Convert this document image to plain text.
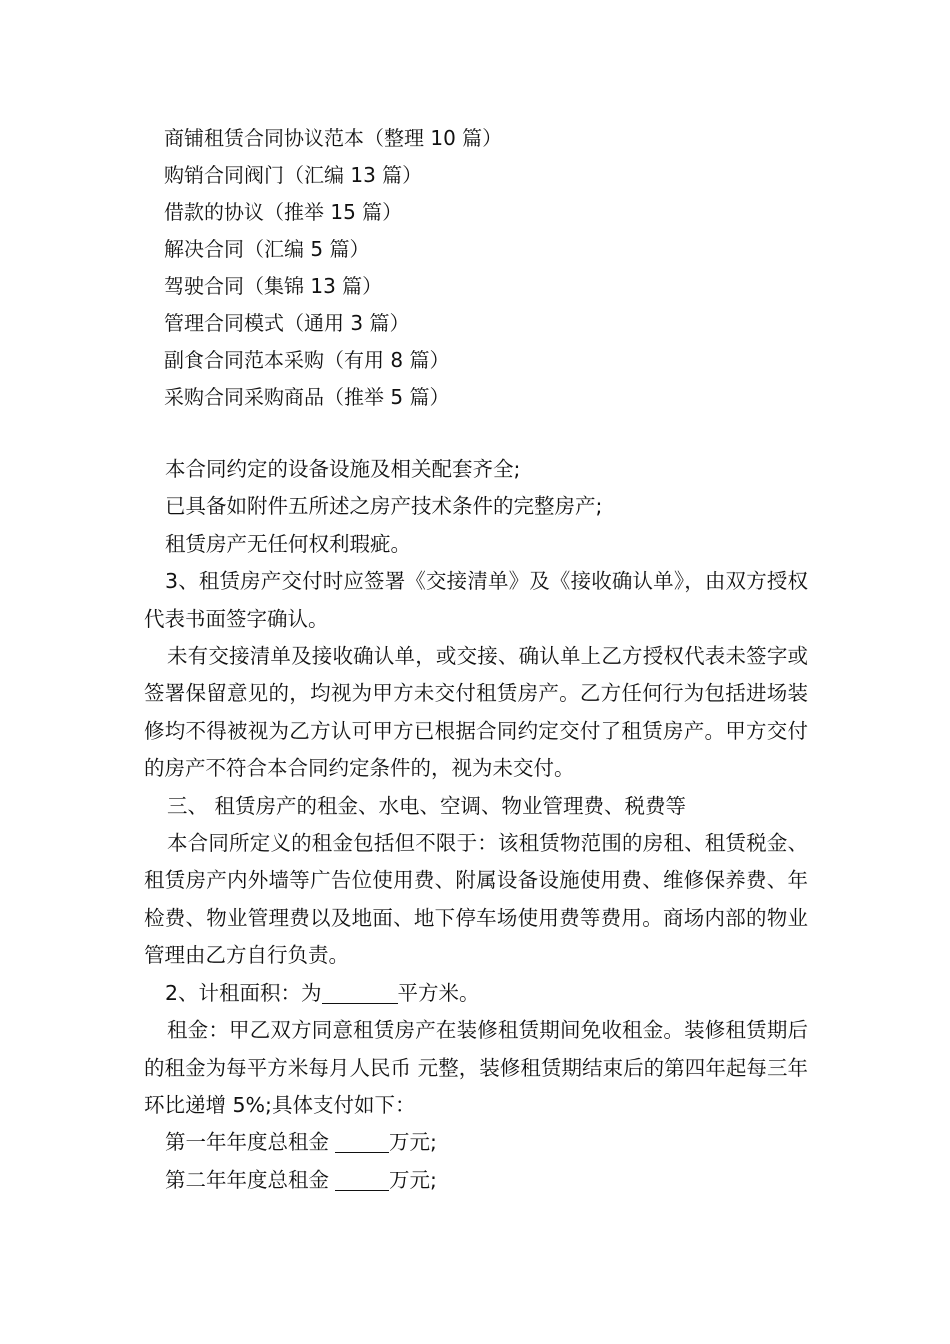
商铺租赁合同协议范本（整理 10 篇）
购销合同阀门（汇编 13 篇）
借款的协议（推举 15 篇）
解决合同（汇编 5 篇）
驾驶合同（集锦 13 篇）
管理合同模式（通用 3 篇）
副食合同范本采购（有用 8 篇）
采购合同采购商品（推举 5 篇）

本合同约定的设备设施及相关配套齐全;

已具备如附件五所述之房产技术条件的完整房产;

租赁房产无任何权利瑕疵。

3、租赁房产交付时应签署《交接清单》及《接收确认单》，由双方授权代表书面签字确认。

未有交接清单及接收确认单，或交接、确认单上乙方授权代表未签字或签署保留意见的，均视为甲方未交付租赁房产。乙方任何行为包括进场装修均不得被视为乙方认可甲方已根据合同约定交付了租赁房产。甲方交付的房产不符合本合同约定条件的，视为未交付。

三、 租赁房产的租金、水电、空调、物业管理费、税费等

本合同所定义的租金包括但不限于：该租赁物范围的房租、租赁税金、租赁房产内外墙等广告位使用费、附属设备设施使用费、维修保养费、年检费、物业管理费以及地面、地下停车场使用费等费用。商场内部的物业管理由乙方自行负责。

2、计租面积：为	平方米。

租金：甲乙双方同意租赁房产在装修租赁期间免收租金。装修租赁期后的租金为每平方米每月人民币 元整，装修租赁期结束后的第四年起每三年环比递增 5%;具体支付如下：

第一年年度总租金	万元;

第二年年度总租金	万元;
